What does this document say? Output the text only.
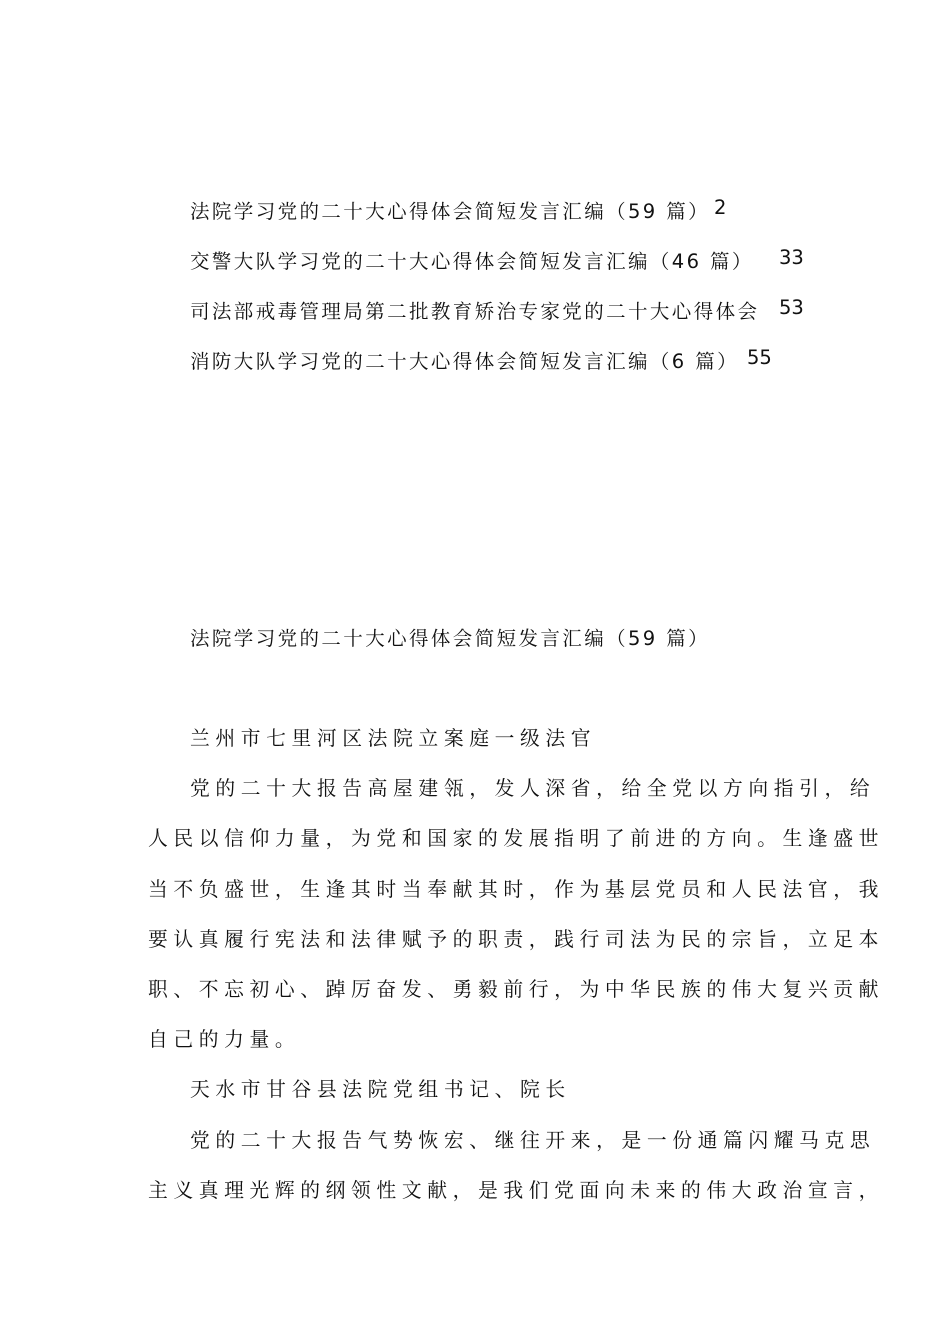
法院学习党的二十大心得体会简短发言汇编（59 篇） 2
交警大队学习党的二十大心得体会简短发言汇编（46 篇） 33
司法部戒毒管理局第二批教育矫治专家党的二十大心得体会 53
消防大队学习党的二十大心得体会简短发言汇编（6 篇） 55
法院学习党的二十大心得体会简短发言汇编（59 篇）
兰州市七里河区法院立案庭一级法官
党的二十大报告高屋建瓴，发人深省，给全党以方向指引，给
人民以信仰力量，为党和国家的发展指明了前进的方向。生逢盛世
当不负盛世，生逢其时当奉献其时，作为基层党员和人民法官，我
要认真履行宪法和法律赋予的职责，践行司法为民的宗旨，立足本
职、不忘初心、踔厉奋发、勇毅前行，为中华民族的伟大复兴贡献
自己的力量。
天水市甘谷县法院党组书记、院长
党的二十大报告气势恢宏、继往开来，是一份通篇闪耀马克思
主义真理光辉的纲领性文献，是我们党面向未来的伟大政治宣言，
